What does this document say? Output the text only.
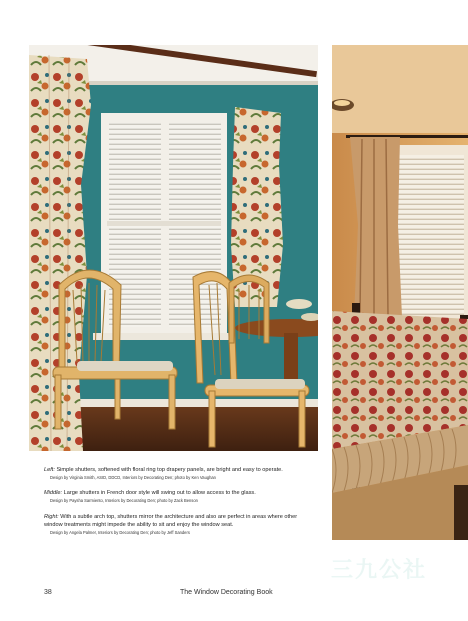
Left: Simple shutters, softened with floral ring top drapery panels, are bright and easy to operate.
Design by Virginia Smith, ASID, DDCD, Interiors by Decorating Den; photo by Ken Vaughan

Middle: Large shutters in French door style will swing out to allow access to the glass.
Design by Paysha Sarmiento, Interiors by Decorating Den; photo by Zack Benson

Right: With a subtle arch top, shutters mirror the architecture and also are perfect in areas where other window treatments might impede the ability to sit and enjoy the window seat.
Design by Angela Palmer, Interiors by Decorating Den; photo by Jeff Sanders

三九公社
38	The Window Decorating Book
